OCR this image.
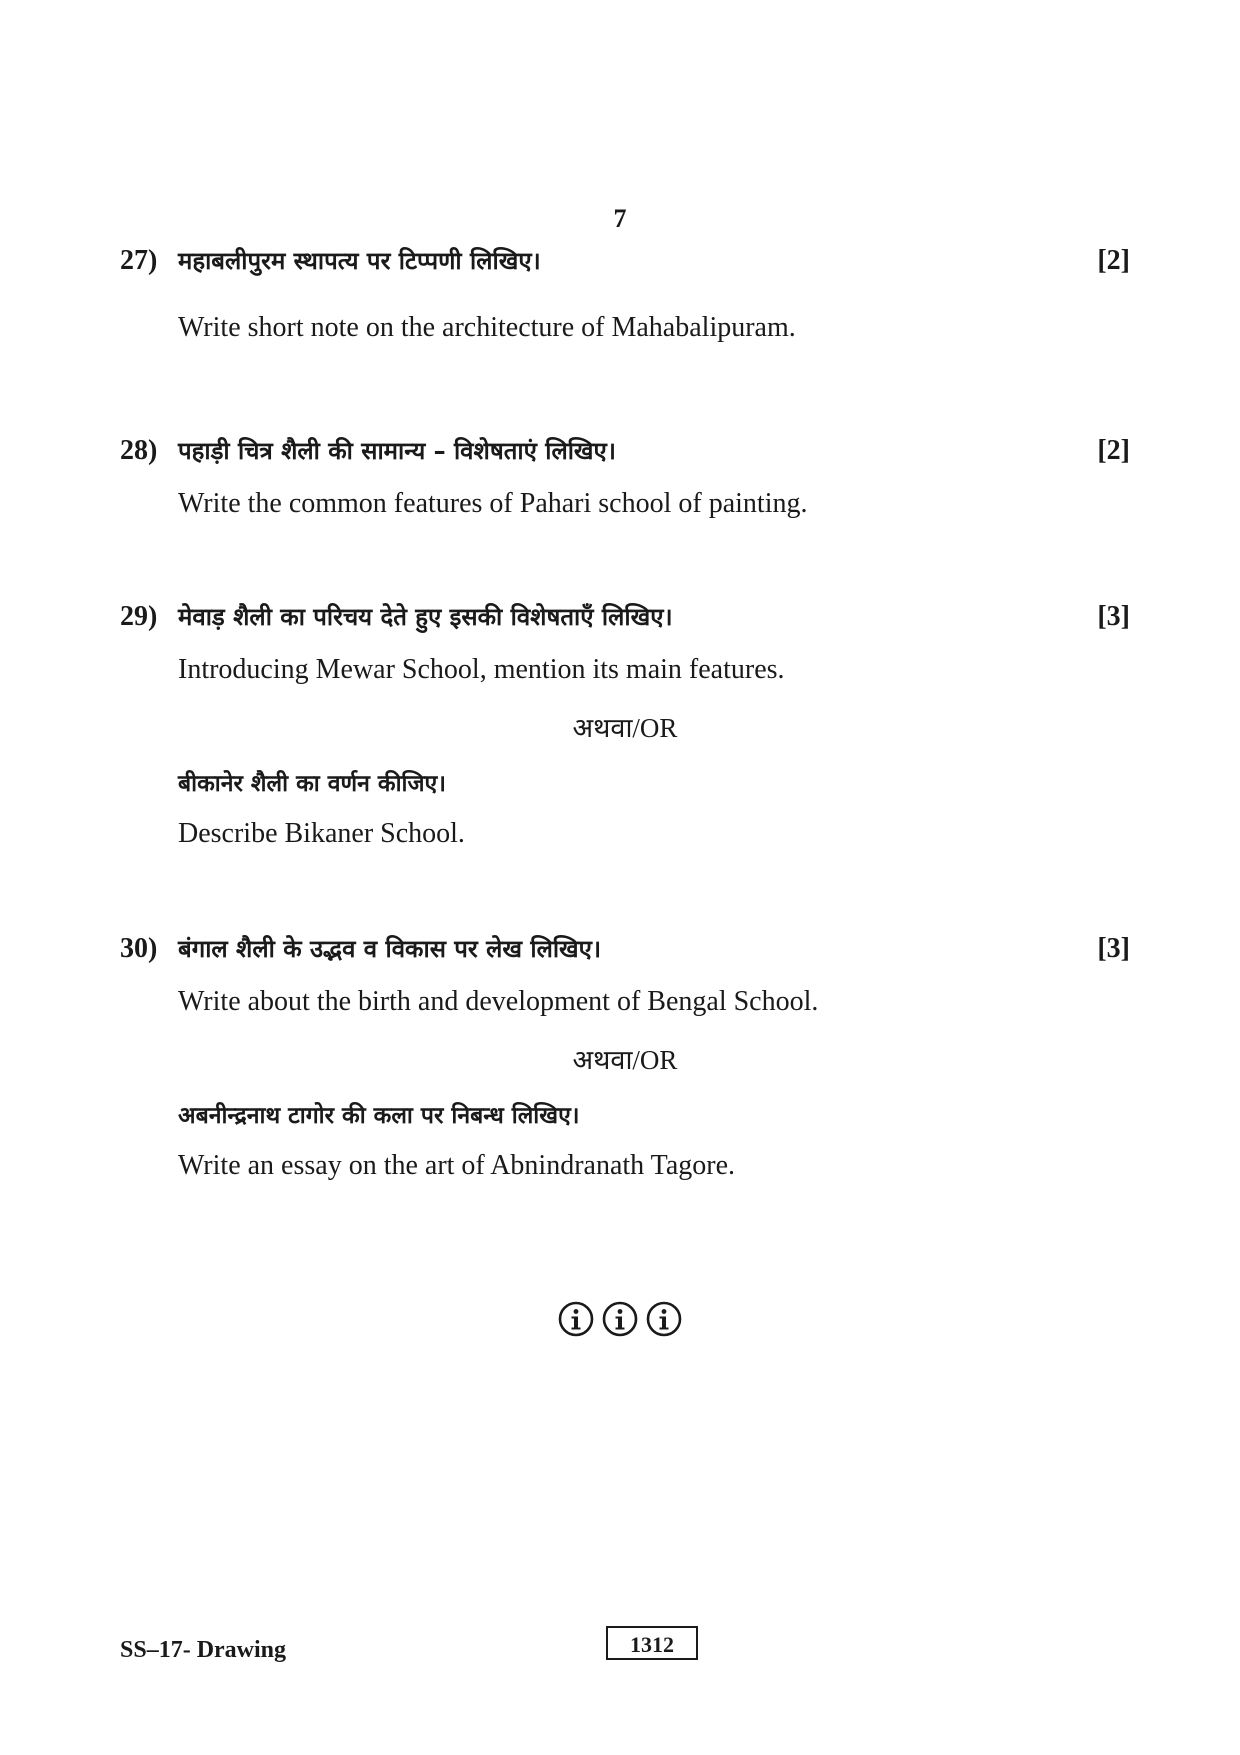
7
27) महाबलीपुरम स्थापत्य पर टिप्पणी लिखिए।	[2]
Write short note on the architecture of Mahabalipuram.
28) पहाड़ी चित्र शैली की सामान्य – विशेषताएं लिखिए।	[2]
Write the common features of Pahari school of painting.
29) मेवाड़ शैली का परिचय देते हुए इसकी विशेषताएँ लिखिए।	[3]
Introducing Mewar School, mention its main features.
अथवा/OR
बीकानेर शैली का वर्णन कीजिए।
Describe Bikaner School.
30) बंगाल शैली के उद्भव व विकास पर लेख लिखिए।	[3]
Write about the birth and development of Bengal School.
अथवा/OR
अबनीन्द्रनाथ टागोर की कला पर निबन्ध लिखिए।
Write an essay on the art of Abnindranath Tagore.
SS–17- Drawing	1312
